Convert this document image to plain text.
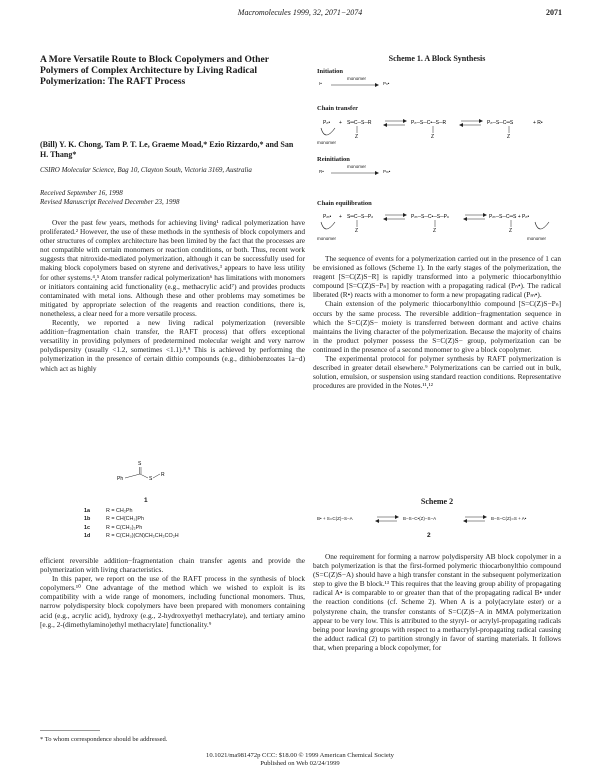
Macromolecules 1999, 32, 2071−2074	2071
A More Versatile Route to Block Copolymers and Other Polymers of Complex Architecture by Living Radical Polymerization: The RAFT Process
(Bill) Y. K. Chong, Tam P. T. Le, Graeme Moad,* Ezio Rizzardo,* and San H. Thang*
CSIRO Molecular Science, Bag 10, Clayton South, Victoria 3169, Australia
Received September 16, 1998
Revised Manuscript Received December 23, 1998

Over the past few years, methods for achieving living¹ radical polymerization have proliferated.² However, the use of these methods in the synthesis of block copolymers and other structures of complex architecture has been limited by the fact that the processes are not compatible with certain monomers or reaction conditions, or both. Thus, recent work suggests that nitroxide-mediated polymerization, although it can be successfully used for making block copolymers based on styrene and derivatives,³ appears to have less utility for other systems.⁴,⁵ Atom transfer radical polymerization⁶ has limitations with monomers or initiators containing acid functionality (e.g., methacrylic acid⁷) and provides products contaminated with metal ions. Although these and other problems may sometimes be mitigated by appropriate selection of the reagents and reaction conditions, there is, nonetheless, a clear need for a more versatile process.

Recently, we reported a new living radical polymerization (reversible addition−fragmentation chain transfer, the RAFT process) that offers exceptional versatility in providing polymers of predetermined molecular weight and very narrow polydispersity (usually <1.2, sometimes <1.1).⁸,⁹ This is achieved by performing the polymerization in the presence of certain dithio compounds (e.g., dithiobenzoates 1a−d) which act as highly

S
Ph	S
R
1
1a	R = CH₂Ph
1b	R = CH(CH₃)Ph
1c	R = C(CH₃)₂Ph
1d	R = C(CH₃)(CN)CH₂CH₂CO₂H

efficient reversible addition−fragmentation chain transfer agents and provide the polymerization with living characteristics.

In this paper, we report on the use of the RAFT process in the synthesis of block copolymers.¹⁰ One advantage of the method which we wished to exploit is its compatibility with a wide range of monomers, including functional monomers. Thus, narrow polydispersity block copolymers have been prepared with monomers containing acid (e.g., acrylic acid), hydroxy (e.g., 2-hydroxyethyl methacrylate), and tertiary amino [e.g., 2-(dimethylamino)ethyl methacrylate] functionality.⁹

* To whom correspondence should be addressed.
Scheme 1. A Block Synthesis
Initiation
I•
monomer
Pₙ•
Chain transfer
Pₙ• + S═C─S─R
Z
Pₙ─S─C•─S─R
Z
Pₙ─S─C═S
Z
+ R•
monomer
Reinitiation
R•
monomer
Pₘ•
Chain equilibration
Pₘ• + S═C─S─Pₙ
Z
Pₘ─S─C•─S─Pₙ
Z
Pₘ─S─C═S + Pₙ•
Z
monomer	monomer

The sequence of events for a polymerization carried out in the presence of 1 can be envisioned as follows (Scheme 1). In the early stages of the polymerization, the reagent [S=C(Z)S−R] is rapidly transformed into a polymeric thiocarbonylthio compound [S=C(Z)S−Pₙ] by reaction with a propagating radical (Pₙ•). The radical liberated (R•) reacts with a monomer to form a new propagating radical (Pₘ•).

Chain extension of the polymeric thiocarbonylthio compound [S=C(Z)S−Pₙ] occurs by the same process. The reversible addition−fragmentation sequence in which the S=C(Z)S− moiety is transferred between dormant and active chains maintains the living character of the polymerization. Because the majority of chains in the product polymer possess the S=C(Z)S− group, polymerization can be continued in the presence of a second monomer to give a block copolymer.

The experimental protocol for polymer synthesis by RAFT polymerization is described in greater detail elsewhere.⁹ Polymerizations can be carried out in bulk, solution, emulsion, or suspension using standard reaction conditions. Representative procedures are provided in the Notes.¹¹,¹²

Scheme 2
B• + S=C(Z)−S−A ⇌ B−S−C•(Z)−S−A ⇌ B−S−C(Z)=S + A•
2

One requirement for forming a narrow polydispersity AB block copolymer in a batch polymerization is that the first-formed polymeric thiocarbonylthio compound (S=C(Z)S−A) should have a high transfer constant in the subsequent polymerization step to give the B block.¹³ This requires that the leaving group ability of propagating radical A• is comparable to or greater than that of the propagating radical B• under the reaction conditions (cf. Scheme 2). When A is a poly(acrylate ester) or a polystyrene chain, the transfer constants of S=C(Z)S−A in MMA polymerization appear to be very low. This is attributed to the styryl- or acrylyl-propagating radicals being poor leaving groups with respect to a methacrylyl-propagating radical causing the adduct radical (2) to partition strongly in favor of starting materials. It follows that, when preparing a block copolymer, for

10.1021/ma981472p CCC: $18.00 © 1999 American Chemical Society
Published on Web 02/24/1999
